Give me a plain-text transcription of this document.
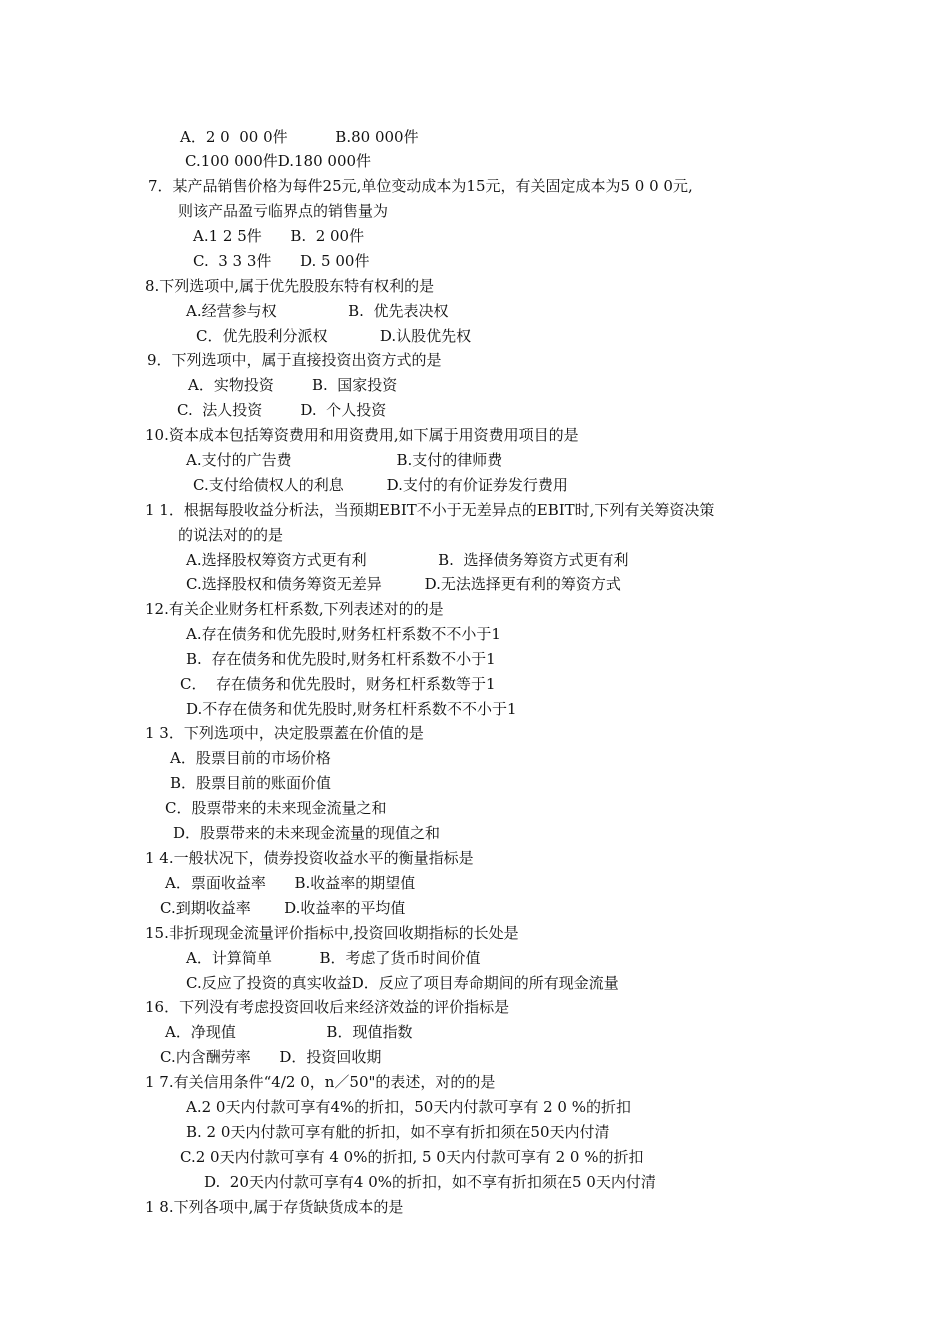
A．2 0  00 0件          B.80 000件
C.100 000件D.180 000件
7．某产品销售价格为每件25元,单位变动成本为15元，有关固定成本为5 0 0 0元,
则该产品盈亏临界点的销售量为
A.1 2 5件      B.  2 00件
C.  3 3 3件      D. 5 00件
8.下列选项中,属于优先股股东特有权利的是
A.经营参与权               B.  优先表决权
C．优先股利分派权           D.认股优先权
9．下列选项中，属于直接投资出资方式的是
A．实物投资        B.  国家投资
C.  法人投资        D.  个人投资
10.资本成本包括筹资费用和用资费用,如下属于用资费用项目的是
A.支付的广告费                      B.支付的律师费
C.支付给债权人的利息         D.支付的有价证券发行费用
1 1．根据每股收益分析法，当预期EBIT不小于无差异点的EBIT时,下列有关筹资决策
的说法对的的是
A.选择股权筹资方式更有利               B.  选择债务筹资方式更有利
C.选择股权和债务筹资无差异         D.无法选择更有利的筹资方式
12.有关企业财务杠杆系数,下列表述对的的是
A.存在债务和优先股时,财务杠杆系数不不小于1
B.  存在债务和优先股时,财务杠杆系数不小于1
C．  存在债务和优先股时，财务杠杆系数等于1
D.不存在债务和优先股时,财务杠杆系数不不小于1
1 3．下列选项中，决定股票蓋在价值的是
A．股票目前的市场价格
B．股票目前的账面价值
C．股票带来的未来现金流量之和
D．股票带来的未来现金流量的现值之和
1 4.一般状况下，债券投资收益水平的衡量指标是
A．票面收益率      B.收益率的期望值
C.到期收益率       D.收益率的平均值
15.非折现现金流量评价指标中,投资回收期指标的长处是
A．计算简单          B．考虑了货币时间价值
C.反应了投资的真实收益D．反应了项目寿命期间的所有现金流量
16．下列没有考虑投资回收后来经济效益的评价指标是
A．净现值                   B．现值指数
C.内含酬劳率      D．投资回收期
1 7.有关信用条件“4/2 0，n／50"的表述，对的的是
A.2 0天内付款可享有4%的折扣，50天内付款可享有 2 0 %的折扣
B. 2 0天内付款可享有舭的折扣，如不享有折扣须在50天内付清
C.2 0天内付款可享有 4 0%的折扣, 5 0天内付款可享有 2 0 %的折扣
D.  20天内付款可享有4 0%的折扣，如不享有折扣须在5 0天内付清
1 8.下列各项中,属于存货缺货成本的是
